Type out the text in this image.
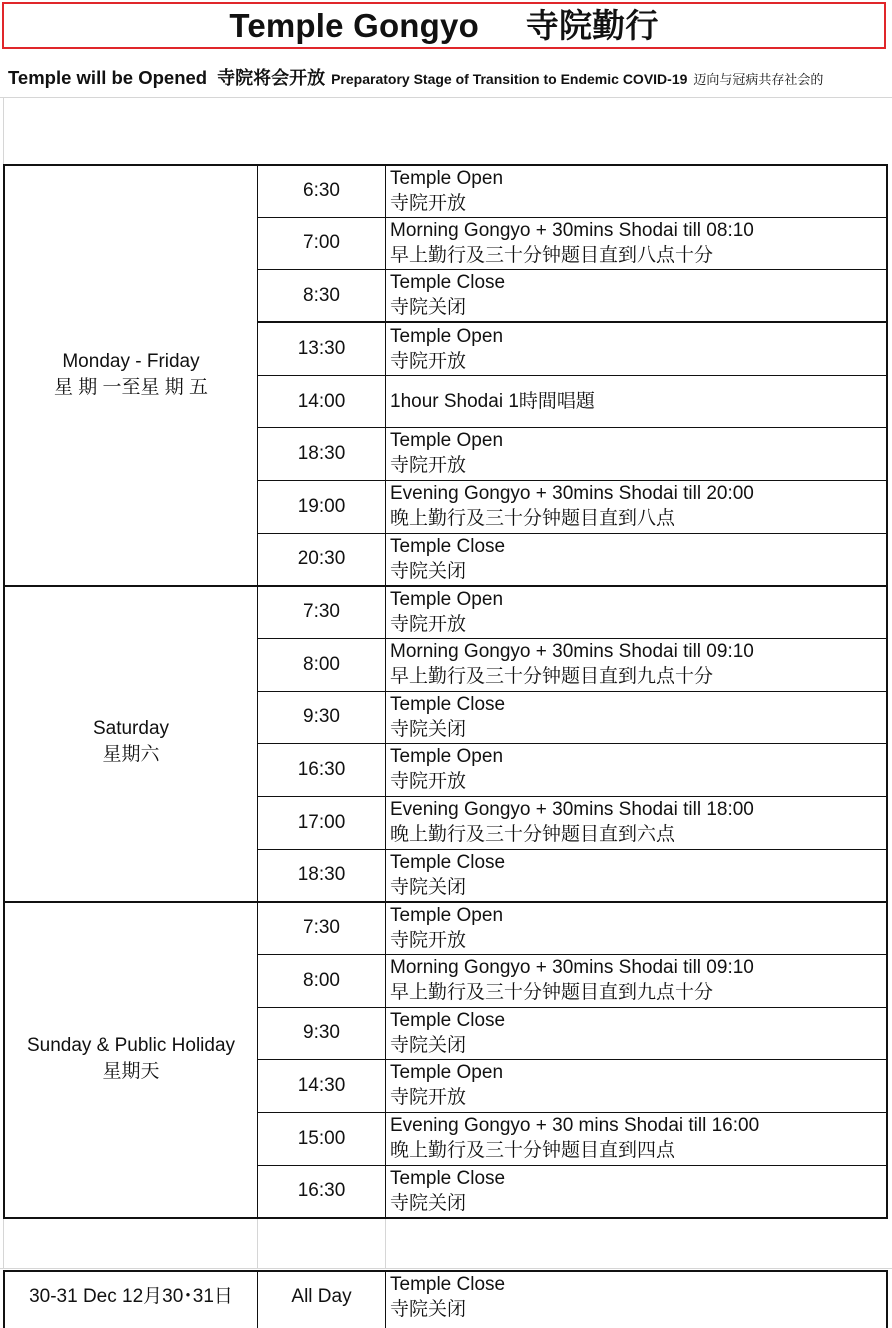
Temple Gongyo     寺院勤行
Temple will be Opened 寺院将会开放 Preparatory Stage of Transition to Endemic COVID-19 迈向与冠病共存社会的
Monday - Friday
星 期 一至星 期 五
Saturday
星期六
Sunday & Public Holiday
星期天
6:30
Temple Open
寺院开放
7:00
Morning Gongyo + 30mins Shodai till 08:10
早上勤行及三十分钟题目直到八点十分
8:30
Temple Close
寺院关闭
13:30
Temple Open
寺院开放
14:00	1hour Shodai 1時間唱題
18:30
Temple Open
寺院开放
19:00
Evening Gongyo + 30mins Shodai till 20:00
晚上勤行及三十分钟题目直到八点
20:30
Temple Close
寺院关闭
7:30
Temple Open
寺院开放
8:00
Morning Gongyo + 30mins Shodai till 09:10
早上勤行及三十分钟题目直到九点十分
9:30
Temple Close
寺院关闭
16:30
Temple Open
寺院开放
17:00
Evening Gongyo + 30mins Shodai till 18:00
晚上勤行及三十分钟题目直到六点
18:30
Temple Close
寺院关闭
7:30
Temple Open
寺院开放
8:00
Morning Gongyo + 30mins Shodai till 09:10
早上勤行及三十分钟题目直到九点十分
9:30
Temple Close
寺院关闭
14:30
Temple Open
寺院开放
15:00
Evening Gongyo + 30 mins Shodai till 16:00
晚上勤行及三十分钟题目直到四点
16:30
Temple Close
寺院关闭
30-31 Dec 12月30･31日	All Day
Temple Close
寺院关闭
